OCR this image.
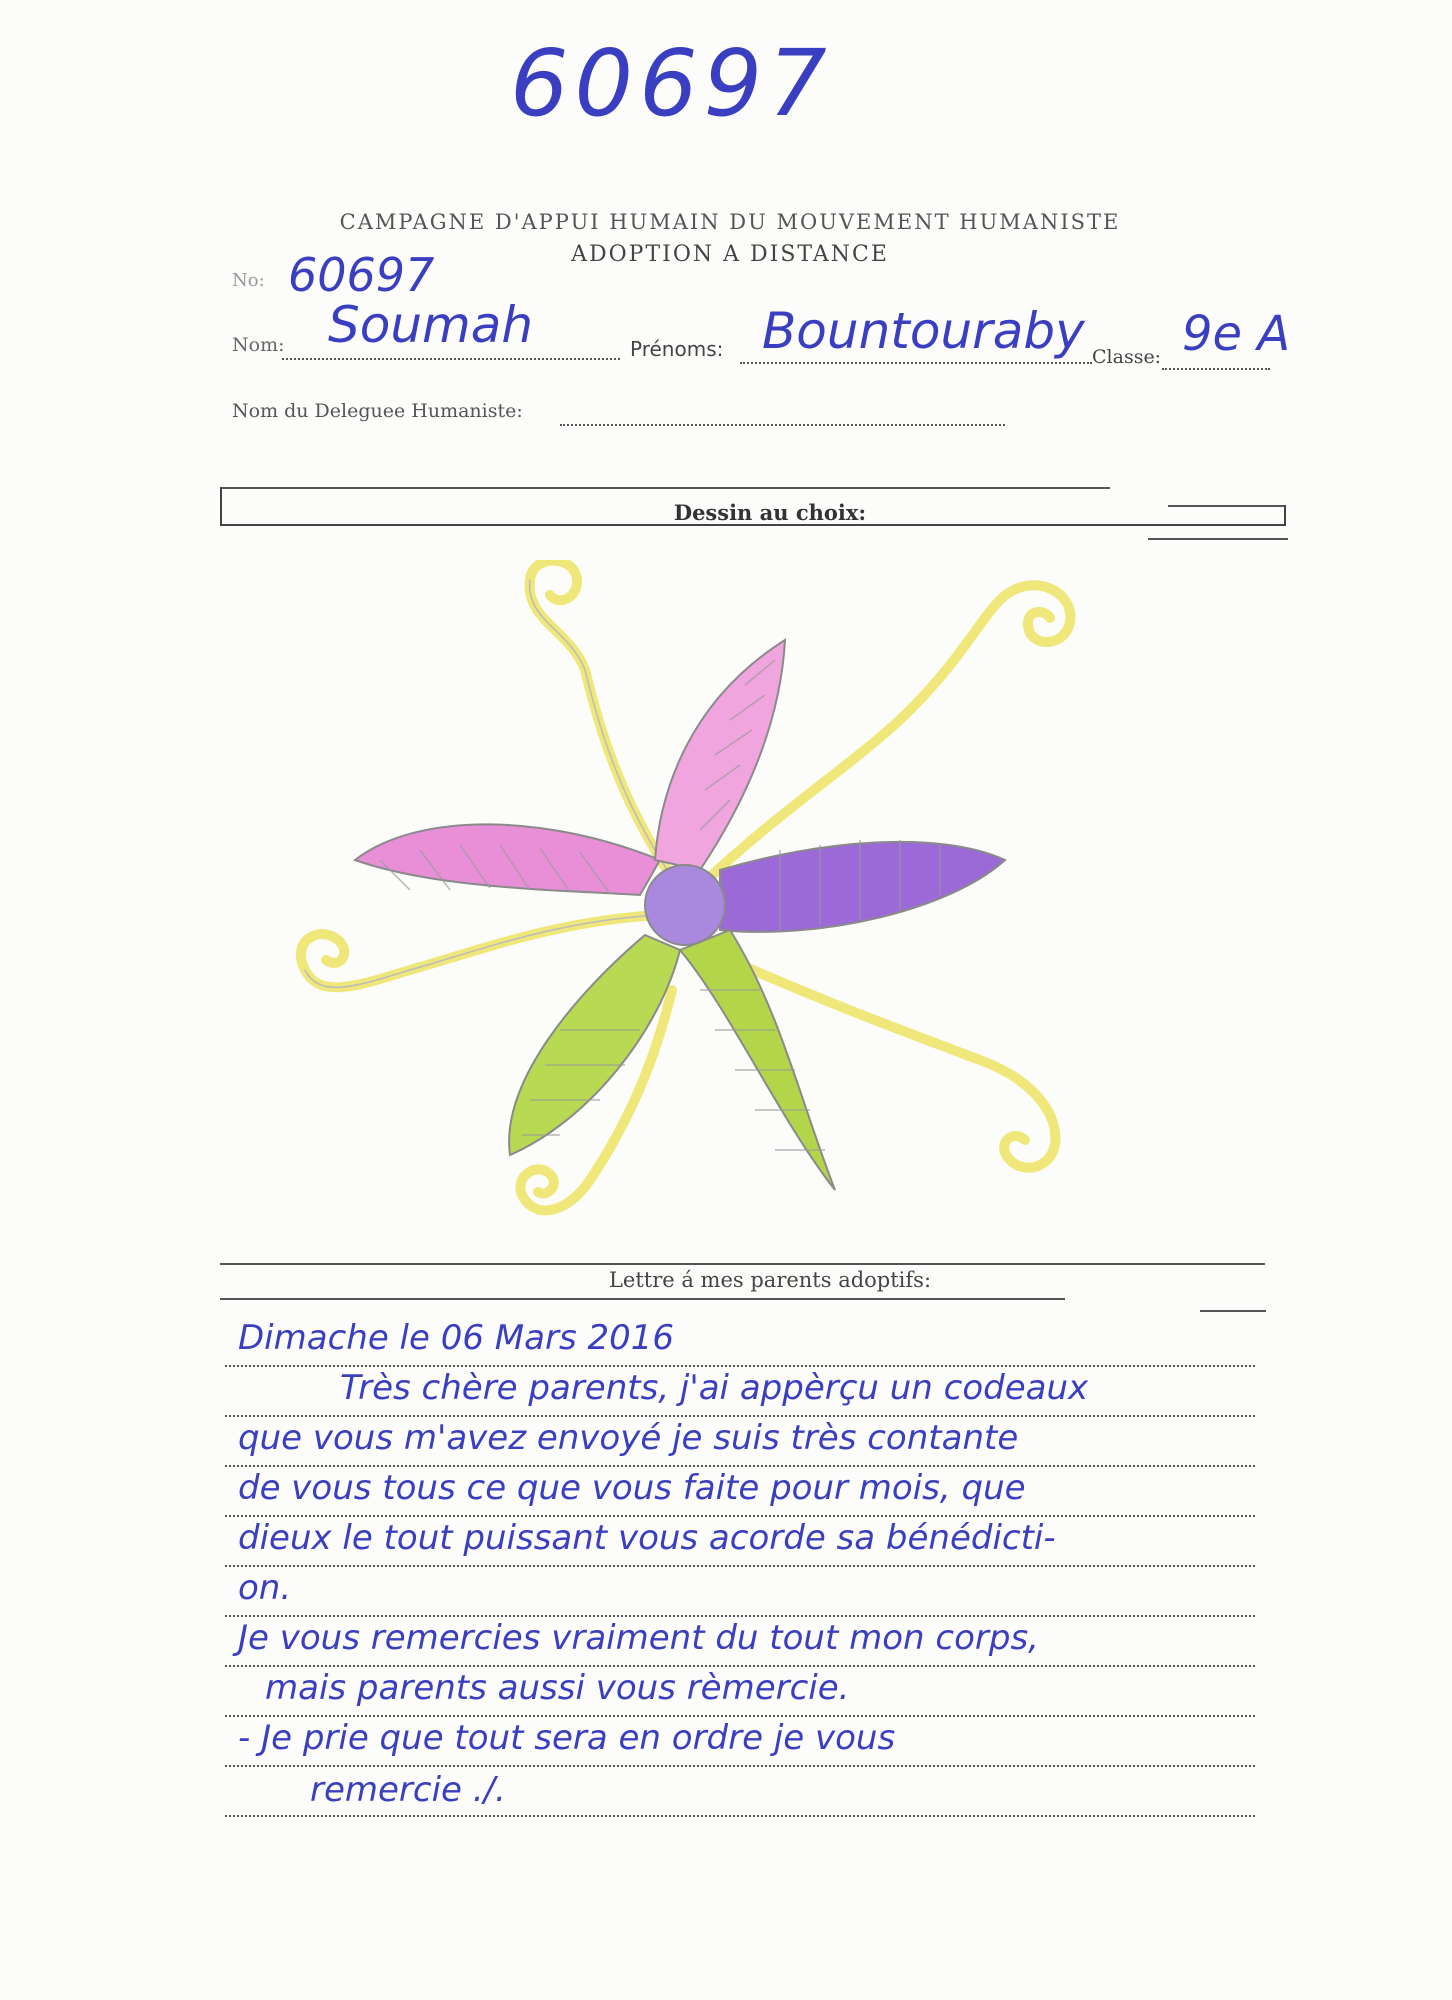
60697
CAMPAGNE D'APPUI HUMAIN DU MOUVEMENT HUMANISTE
ADOPTION A DISTANCE
No: 60697
Nom: Soumah	Prénoms: Bountouraby Classe: 9e A
Nom du Deleguee Humaniste:
Dessin au choix:
Lettre á mes parents adoptifs:
Dimache le 06 Mars 2016
Très chère parents, j'ai appèrçu un codeaux
que vous m'avez envoyé je suis très contante
de vous tous ce que vous faite pour mois, que
dieux le tout puissant vous acorde sa bénédicti-
on.
Je vous remercies vraiment du tout mon corps,
mais parents aussi vous rèmercie.
- Je prie que tout sera en ordre je vous
remercie ./.
